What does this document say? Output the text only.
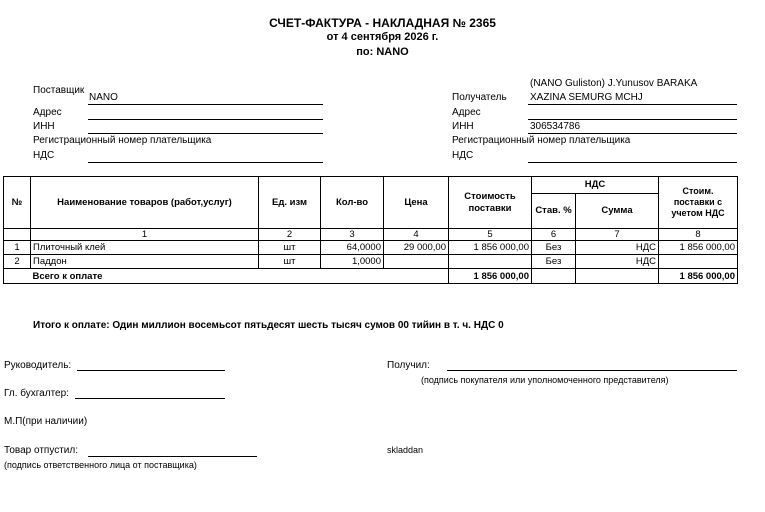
СЧЕТ-ФАКТУРА - НАКЛАДНАЯ № 2365
от 4 сентября 2026 г.
по: NANO
Поставщик
NANO
Адрес
ИНН
Регистрационный номер плательщика
НДС
(NANO Guliston) J.Yunusov BARAKA
Получатель XAZINA SEMURG MCHJ
Адрес
ИНН	306534786
Регистрационный номер плательщика
НДС
№	Наименование товаров (работ,услуг)	Ед. изм	Кол-во	Цена	Стоимость поставки	НДС		Стоим. поставки с учетом НДС
						Став. %	Сумма	
	1	2	3	4	5	6	7	8
1	Плиточный клей	шт	64,0000	29 000,00	1 856 000,00	Без	НДС	1 856 000,00
2	Паддон	шт	1,0000			Без	НДС	
	Всего к оплате				1 856 000,00			1 856 000,00
Итого к оплате: Один миллион восемьсот пятьдесят шесть тысяч сумов 00 тийин в т. ч. НДС 0
Руководитель:	Получил:
(подпись покупателя или уполномоченного представителя)
Гл. бухгалтер:
М.П(при наличии)
Товар отпустил:
(подпись ответственного лица от поставщика)
skladdan
